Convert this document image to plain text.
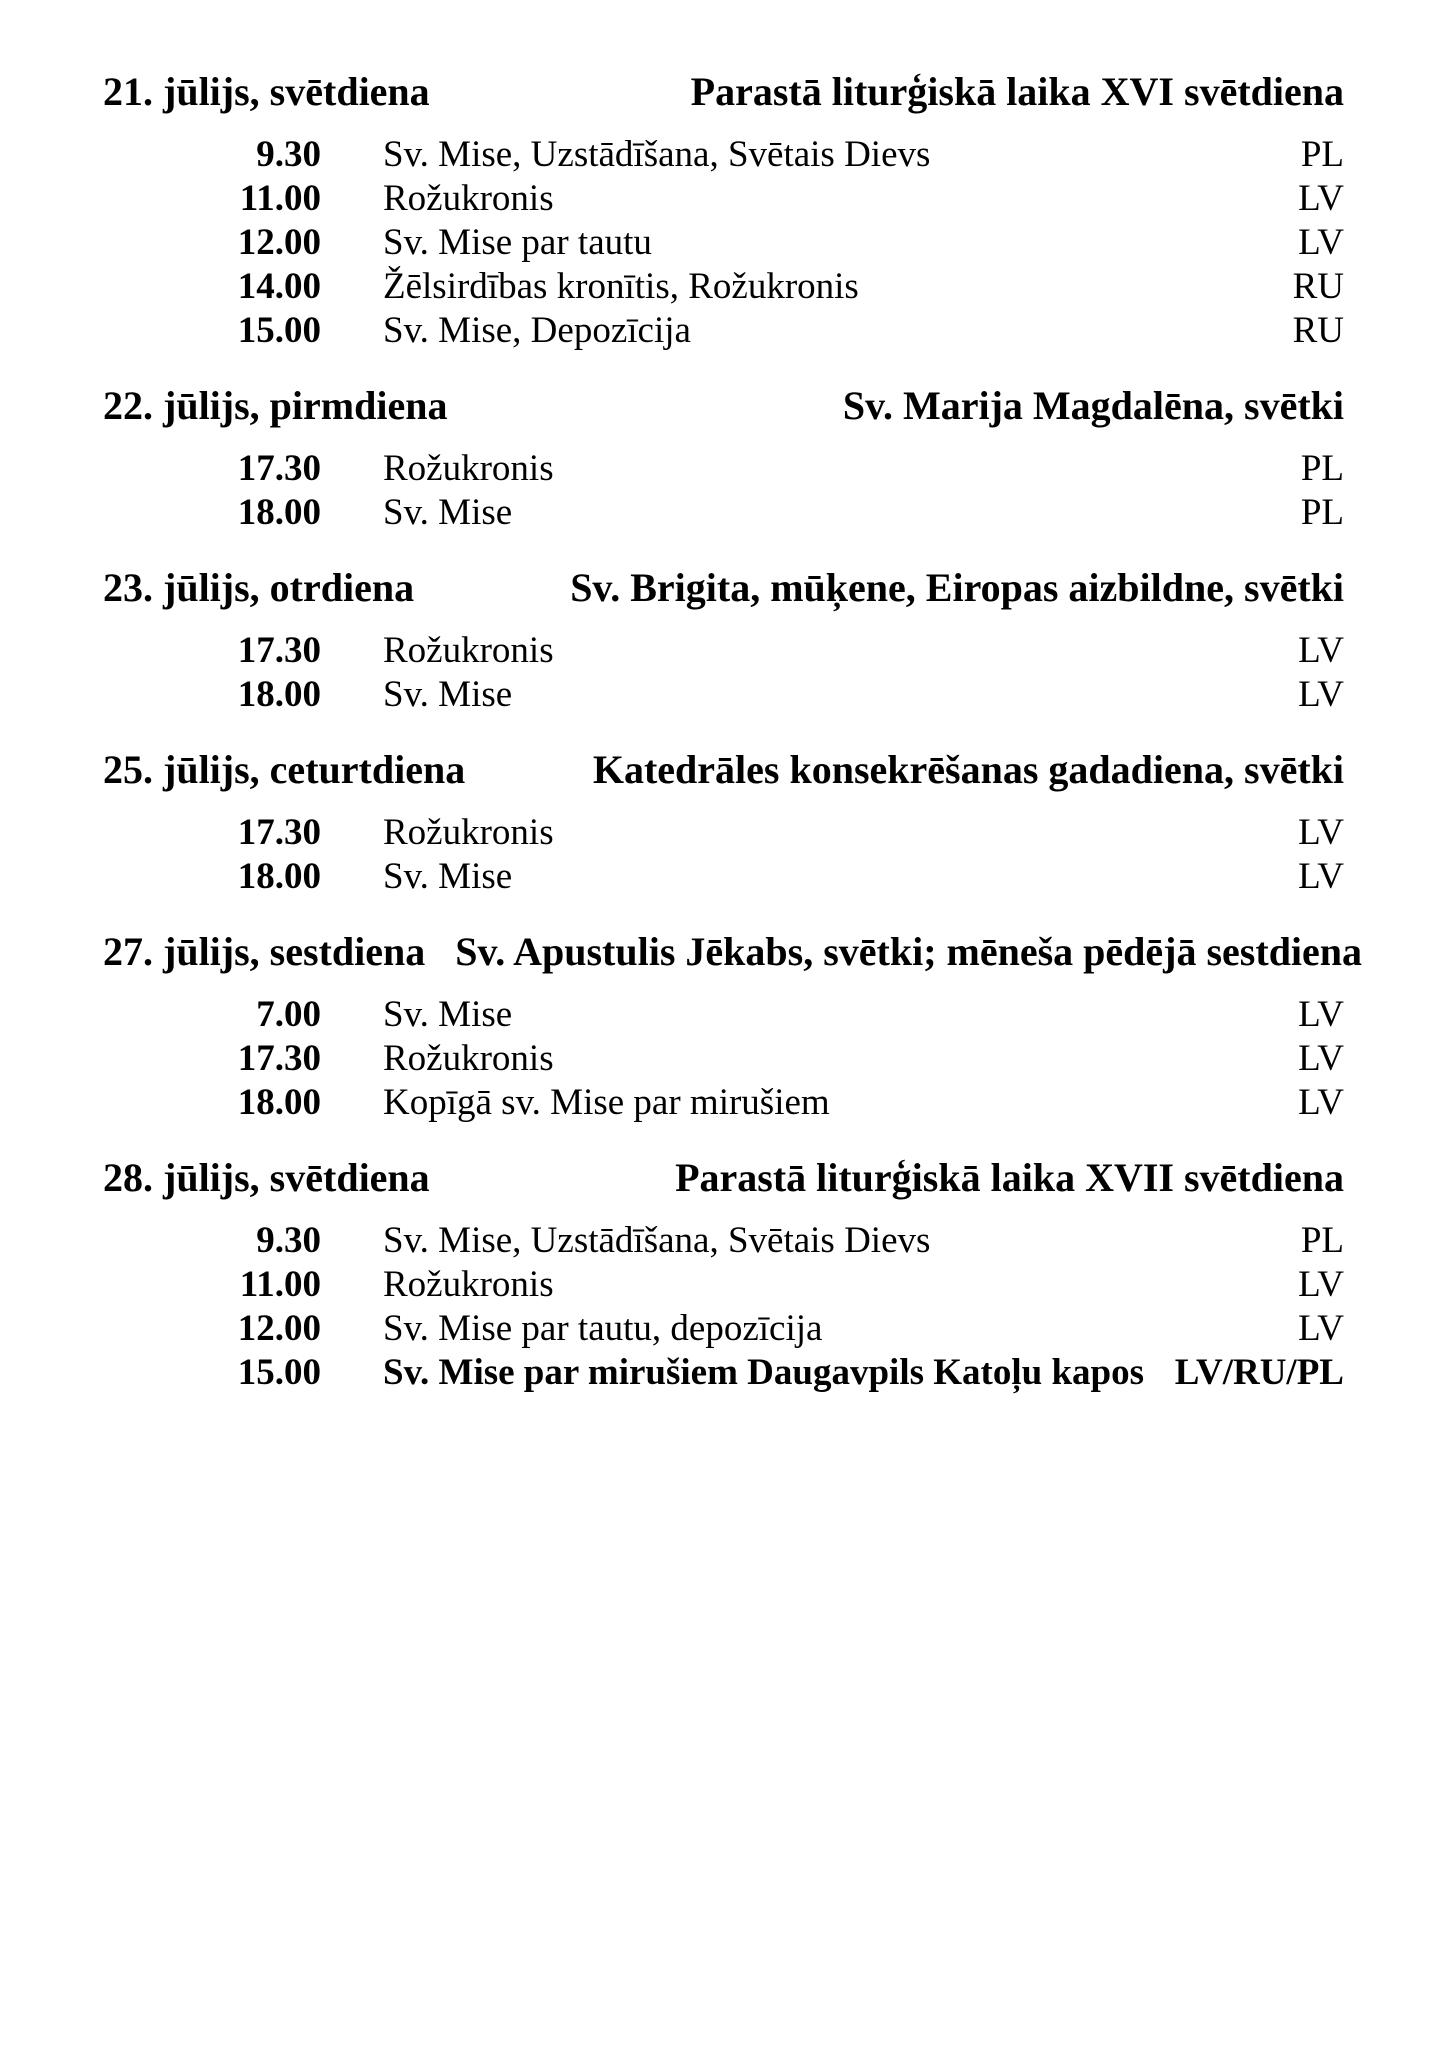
21. jūlijs, svētdiena	Parastā liturģiskā laika XVI svētdiena
9.30 Sv. Mise, Uzstādīšana, Svētais Dievs	PL
11.00 Rožukronis	LV
12.00 Sv. Mise par tautu	LV
14.00 Žēlsirdības kronītis, Rožukronis	RU
15.00 Sv. Mise, Depozīcija	RU
22. jūlijs, pirmdiena	Sv. Marija Magdalēna, svētki
17.30 Rožukronis	PL
18.00 Sv. Mise	PL
23. jūlijs, otrdiena	Sv. Brigita, mūķene, Eiropas aizbildne, svētki
17.30 Rožukronis	LV
18.00 Sv. Mise	LV
25. jūlijs, ceturtdiena	Katedrāles konsekrēšanas gadadiena, svētki
17.30 Rožukronis	LV
18.00 Sv. Mise	LV
27. jūlijs, sestdiena Sv. Apustulis Jēkabs, svētki; mēneša pēdējā sestdiena
7.00 Sv. Mise	LV
17.30 Rožukronis	LV
18.00 Kopīgā sv. Mise par mirušiem	LV
28. jūlijs, svētdiena	Parastā liturģiskā laika XVII svētdiena
9.30 Sv. Mise, Uzstādīšana, Svētais Dievs	PL
11.00 Rožukronis	LV
12.00 Sv. Mise par tautu, depozīcija	LV
15.00 Sv. Mise par mirušiem Daugavpils Katoļu kapos LV/RU/PL
